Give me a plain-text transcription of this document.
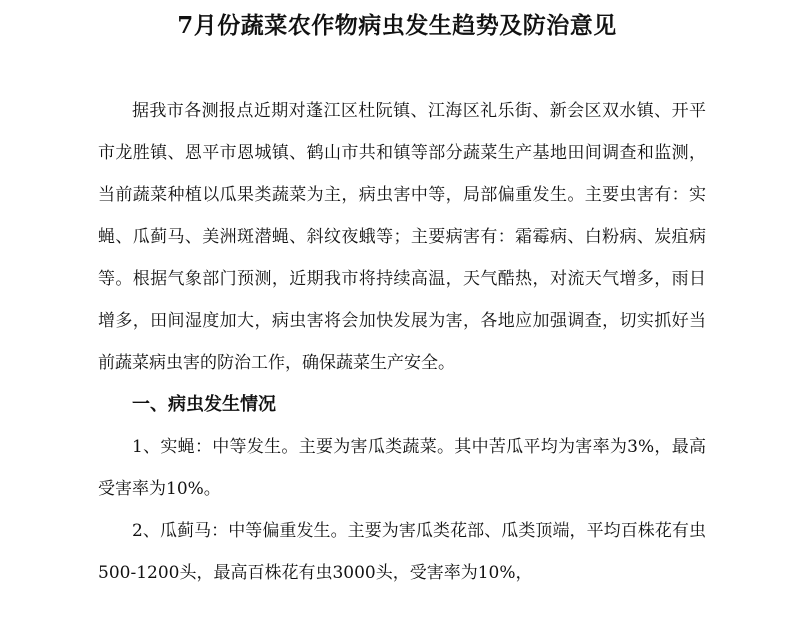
7月份蔬菜农作物病虫发生趋势及防治意见

据我市各测报点近期对蓬江区杜阮镇、江海区礼乐街、新会区双水镇、开平市龙胜镇、恩平市恩城镇、鹤山市共和镇等部分蔬菜生产基地田间调查和监测，当前蔬菜种植以瓜果类蔬菜为主，病虫害中等，局部偏重发生。主要虫害有：实蝇、瓜蓟马、美洲斑潜蝇、斜纹夜蛾等；主要病害有：霜霉病、白粉病、炭疽病等。根据气象部门预测，近期我市将持续高温，天气酷热，对流天气增多，雨日增多，田间湿度加大，病虫害将会加快发展为害，各地应加强调查，切实抓好当前蔬菜病虫害的防治工作，确保蔬菜生产安全。

一、病虫发生情况

1、实蝇：中等发生。主要为害瓜类蔬菜。其中苦瓜平均为害率为3%，最高受害率为10%。

2、瓜蓟马：中等偏重发生。主要为害瓜类花部、瓜类顶端，平均百株花有虫500-1200头，最高百株花有虫3000头，受害率为10%，
